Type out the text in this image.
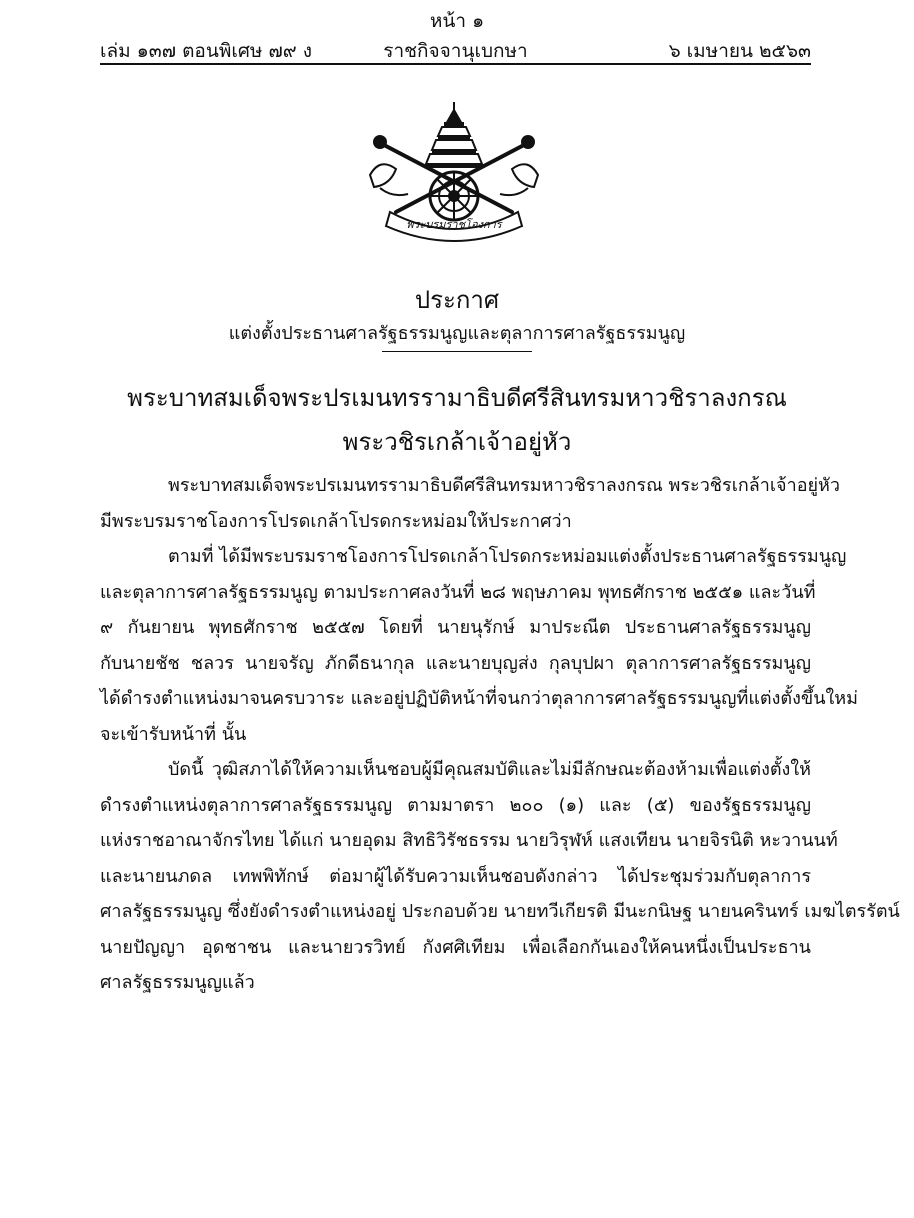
หน้า ๑
ราชกิจจานุเบกษา
เล่ม ๑๓๗ ตอนพิเศษ ๗๙ ง	๖ เมษายน ๒๕๖๓
พระบรมราชโองการ
ประกาศ
แต่งตั้งประธานศาลรัฐธรรมนูญและตุลาการศาลรัฐธรรมนูญ
พระบาทสมเด็จพระปรเมนทรรามาธิบดีศรีสินทรมหาวชิราลงกรณ
พระวชิรเกล้าเจ้าอยู่หัว
พระบาทสมเด็จพระปรเมนทรรามาธิบดีศรีสินทรมหาวชิราลงกรณ พระวชิรเกล้าเจ้าอยู่หัว
มีพระบรมราชโองการโปรดเกล้าโปรดกระหม่อมให้ประกาศว่า
ตามที่ ได้มีพระบรมราชโองการโปรดเกล้าโปรดกระหม่อมแต่งตั้งประธานศาลรัฐธรรมนูญ
และตุลาการศาลรัฐธรรมนูญ ตามประกาศลงวันที่ ๒๘ พฤษภาคม พุทธศักราช ๒๕๕๑ และวันที่
๙ กันยายน พุทธศักราช ๒๕๕๗ โดยที่ นายนุรักษ์ มาประณีต ประธานศาลรัฐธรรมนูญ
กับนายชัช ชลวร นายจรัญ ภักดีธนากุล และนายบุญส่ง กุลบุปผา ตุลาการศาลรัฐธรรมนูญ
ได้ดำรงตำแหน่งมาจนครบวาระ และอยู่ปฏิบัติหน้าที่จนกว่าตุลาการศาลรัฐธรรมนูญที่แต่งตั้งขึ้นใหม่
จะเข้ารับหน้าที่ นั้น
บัดนี้ วุฒิสภาได้ให้ความเห็นชอบผู้มีคุณสมบัติและไม่มีลักษณะต้องห้ามเพื่อแต่งตั้งให้
ดำรงตำแหน่งตุลาการศาลรัฐธรรมนูญ ตามมาตรา ๒๐๐ (๑) และ (๕) ของรัฐธรรมนูญ
แห่งราชอาณาจักรไทย ได้แก่ นายอุดม สิทธิวิรัชธรรม นายวิรุฬห์ แสงเทียน นายจิรนิติ หะวานนท์
และนายนภดล เทพพิทักษ์ ต่อมาผู้ได้รับความเห็นชอบดังกล่าว ได้ประชุมร่วมกับตุลาการ
ศาลรัฐธรรมนูญ ซึ่งยังดำรงตำแหน่งอยู่ ประกอบด้วย นายทวีเกียรติ มีนะกนิษฐ นายนครินทร์ เมฆไตรรัตน์
นายปัญญา อุดชาชน และนายวรวิทย์ กังศศิเทียม เพื่อเลือกกันเองให้คนหนึ่งเป็นประธาน
ศาลรัฐธรรมนูญแล้ว
